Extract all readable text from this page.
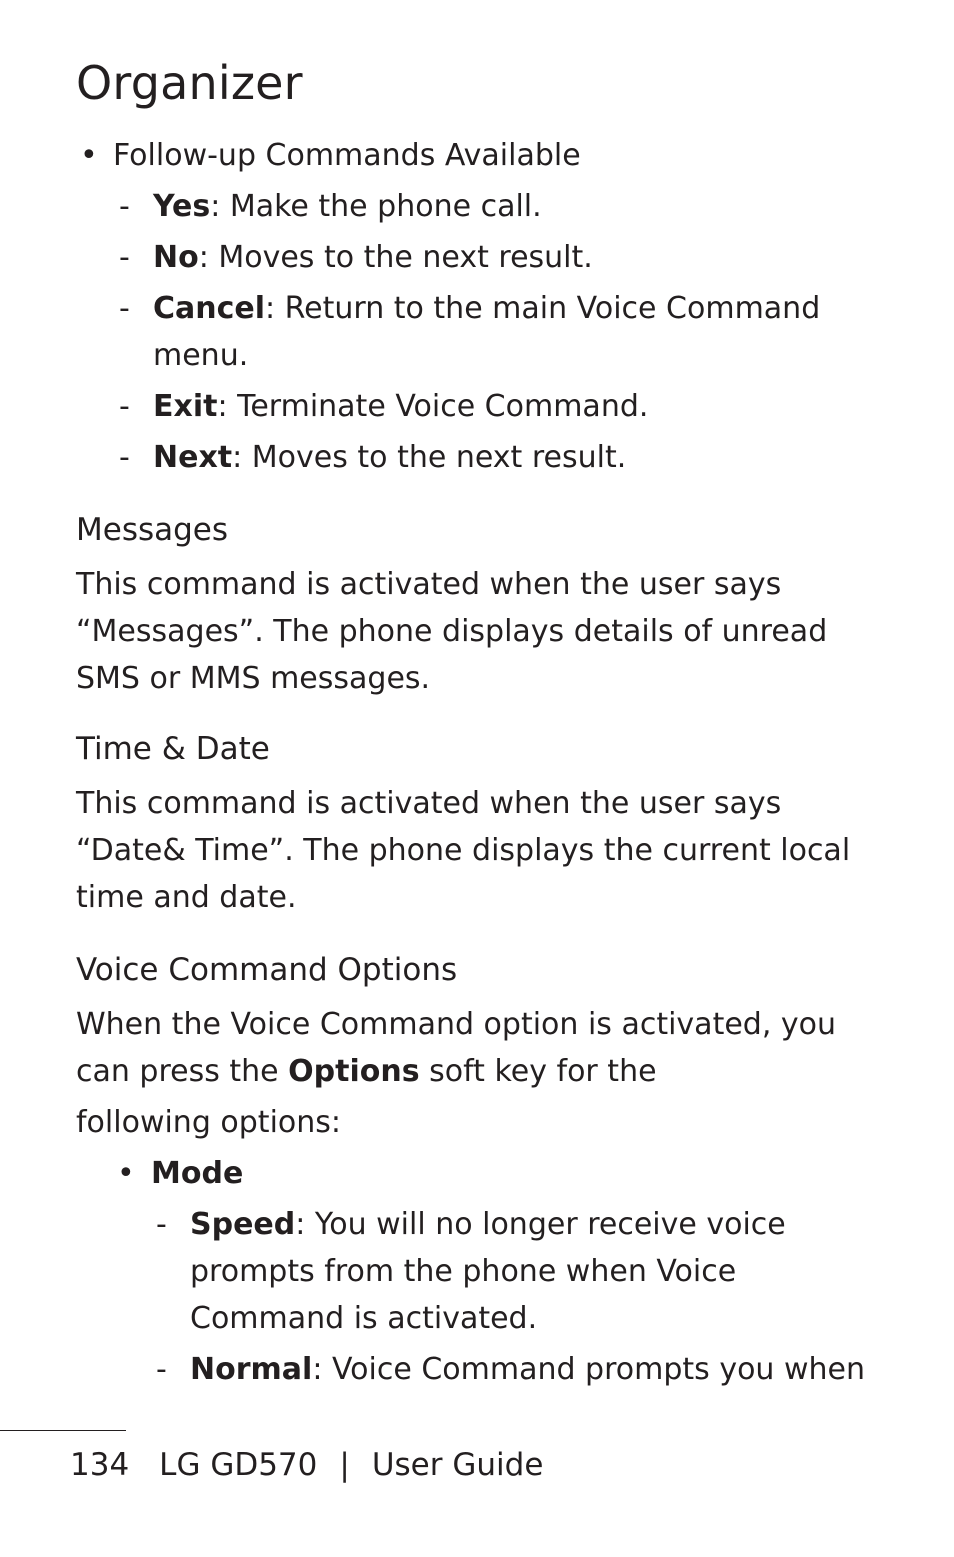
Organizer
• Follow-up Commands Available
- Yes: Make the phone call.
- No: Moves to the next result.
- Cancel: Return to the main Voice Command
menu.
- Exit: Terminate Voice Command.
- Next: Moves to the next result.
Messages
This command is activated when the user says
“Messages”. The phone displays details of unread
SMS or MMS messages.
Time & Date
This command is activated when the user says
“Date& Time”. The phone displays the current local
time and date.
Voice Command Options
When the Voice Command option is activated, you
can press the Options soft key for the
following options:
• Mode
- Speed: You will no longer receive voice
prompts from the phone when Voice
Command is activated.
- Normal: Voice Command prompts you when
134 LG GD570 | User Guide
